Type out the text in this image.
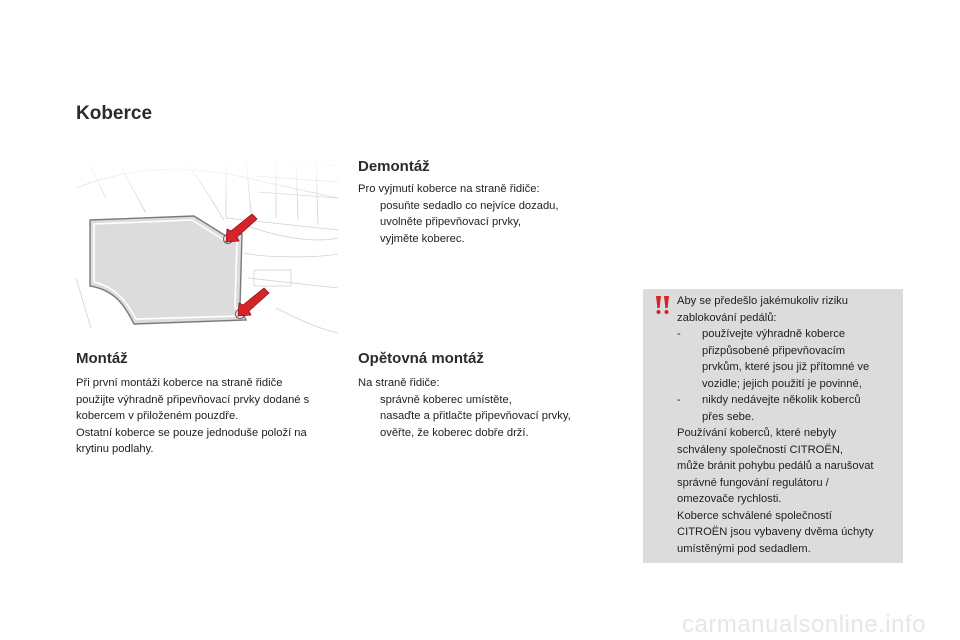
Koberce
Montáž

Při první montáži koberce na straně řidiče

použijte výhradně připevňovací prvky dodané s

kobercem v přiloženém pouzdře.

Ostatní koberce se pouze jednoduše položí na

krytinu podlahy.

Demontáž

Pro vyjmutí koberce na straně řidiče:

posuňte sedadlo co nejvíce dozadu,
uvolněte připevňovací prvky,
vyjměte koberec.
Opětovná montáž

Na straně řidiče:

správně koberec umístěte,
nasaďte a přitlačte připevňovací prvky,
ověřte, že koberec dobře drží.

Aby se předešlo jakémukoliv riziku

zablokování pedálů:

- používejte výhradně koberce
přizpůsobené připevňovacím
prvkům, které jsou již přítomné ve
vozidle; jejich použití je povinné,
- nikdy nedávejte několik koberců
přes sebe.

Používání koberců, které nebyly

schváleny společností CITROËN,

může bránit pohybu pedálů a narušovat

správné fungování regulátoru /

omezovače rychlosti.

Koberce schválené společností

CITROËN jsou vybaveny dvěma úchyty

umístěnými pod sedadlem.

carmanualsonline.info
